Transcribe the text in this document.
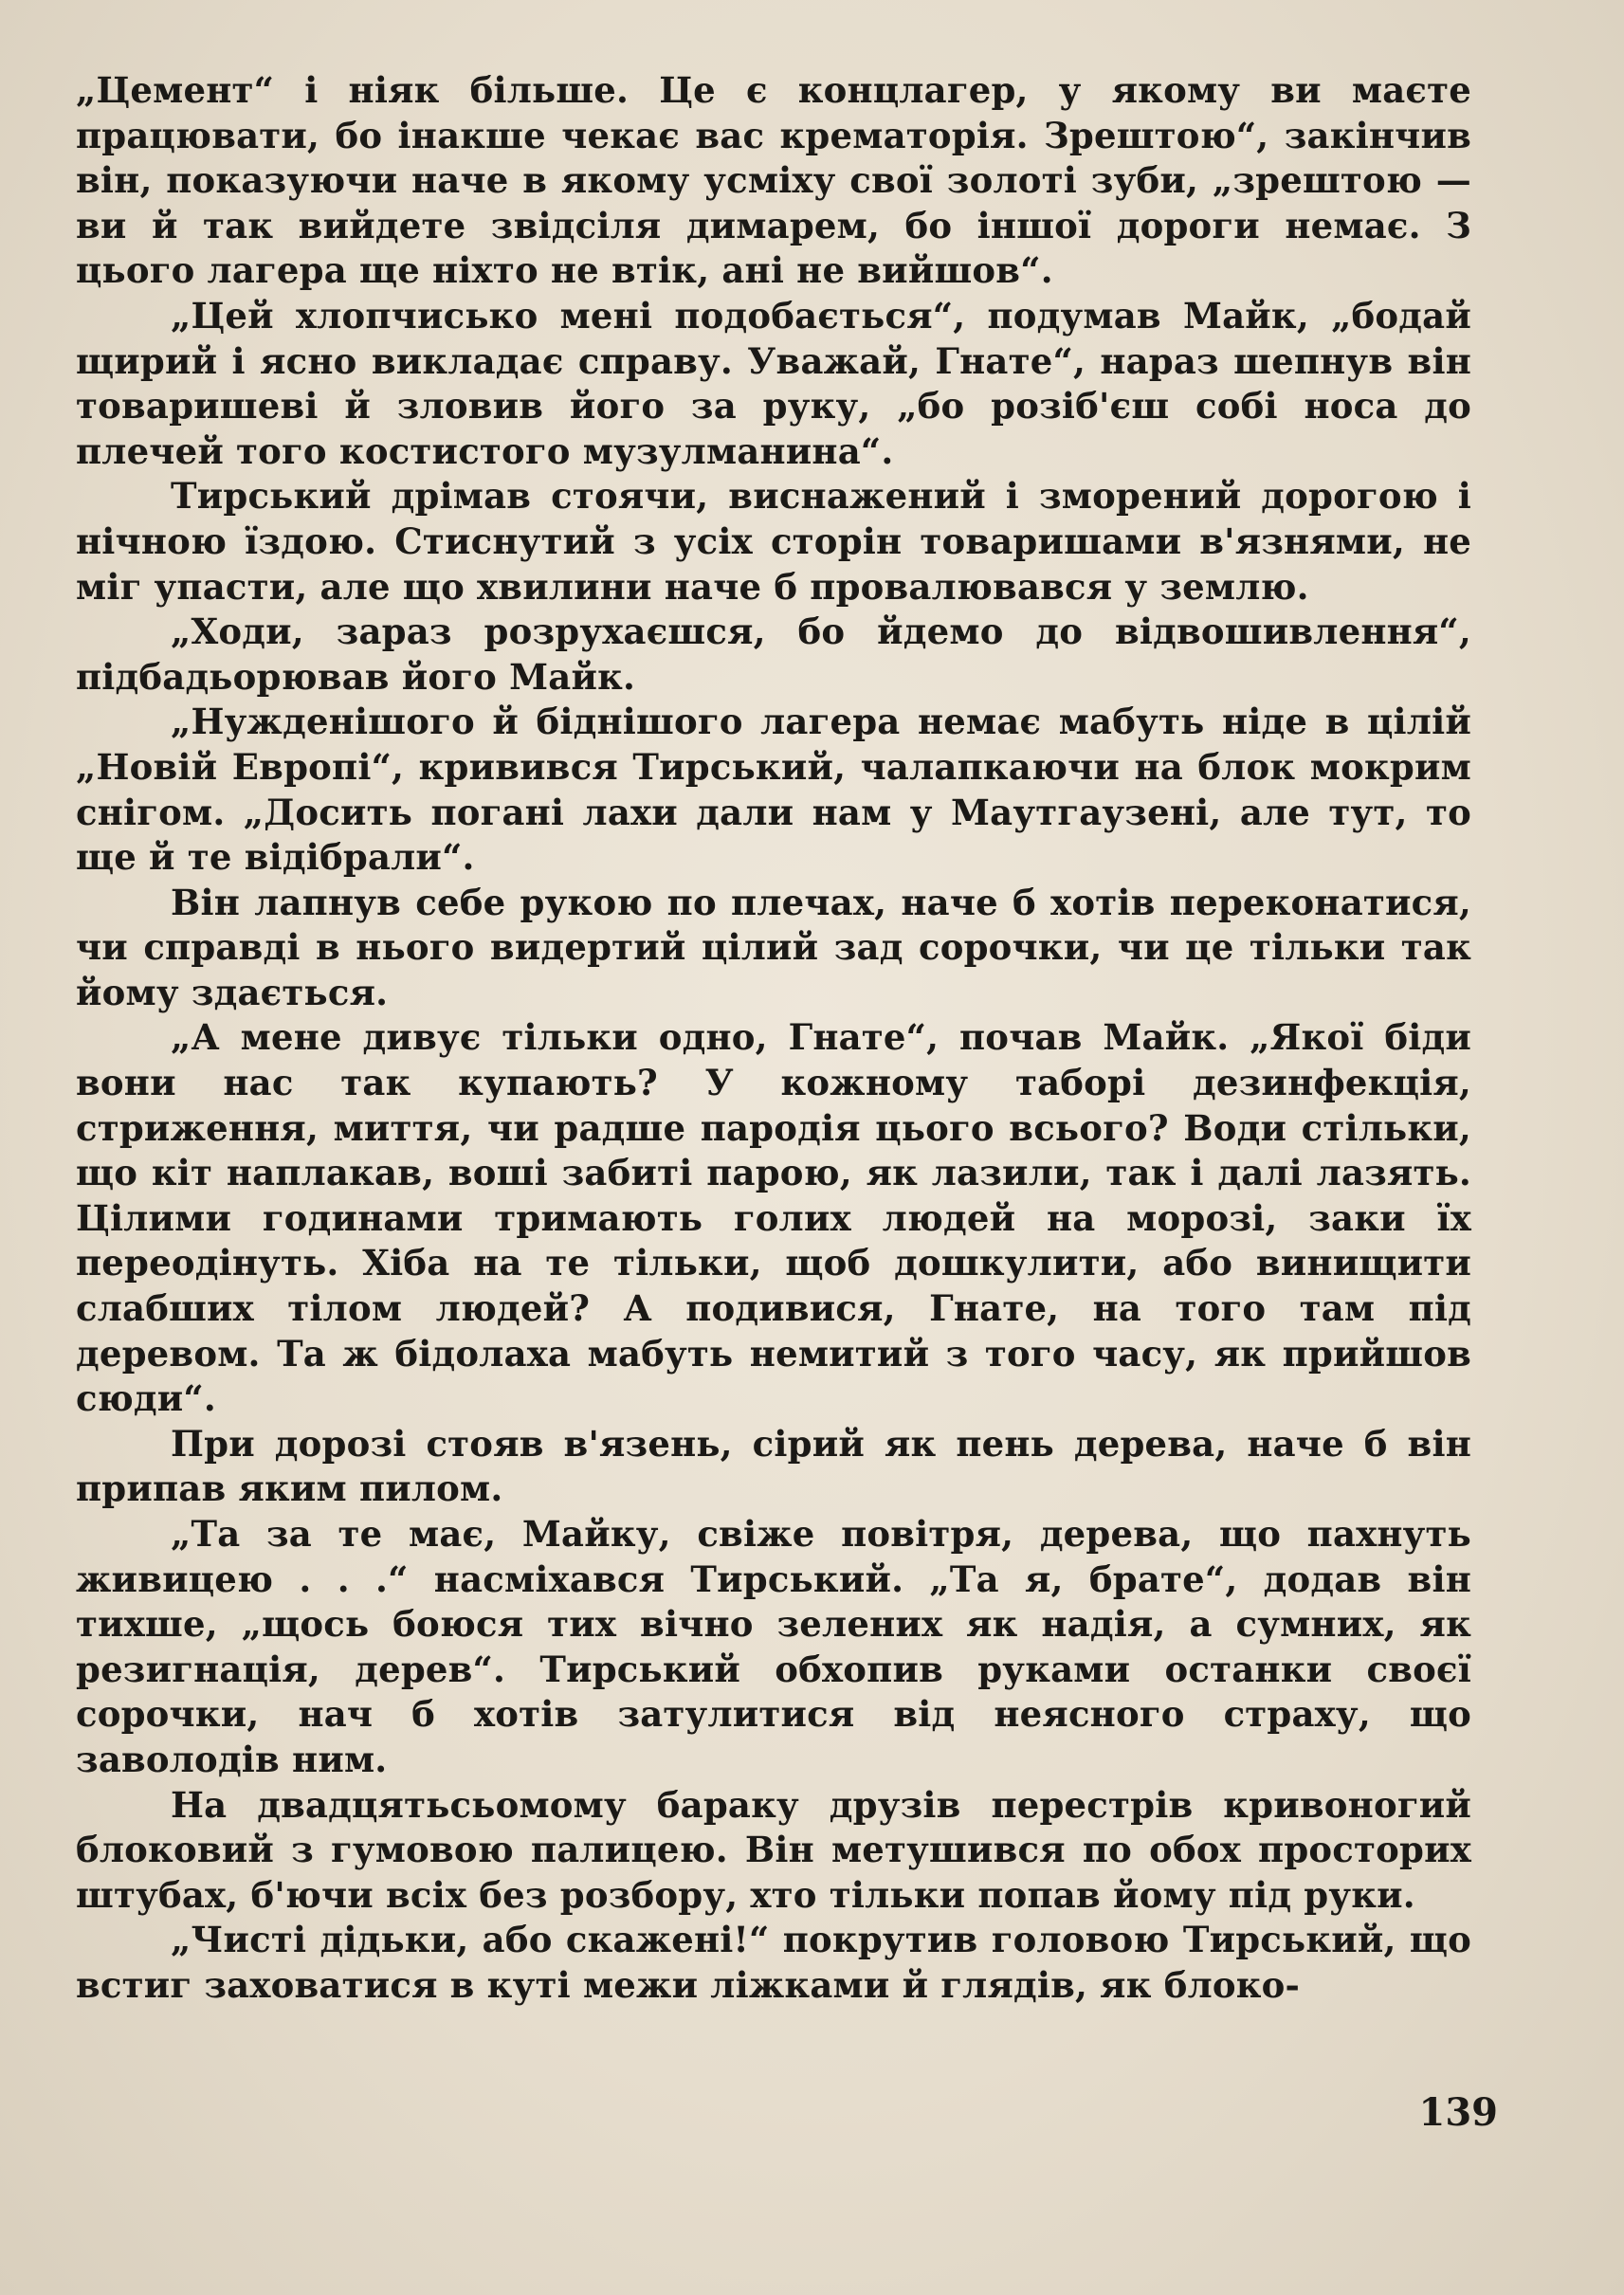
„Цемент“ і ніяк більше. Це є концлагер, у якому ви маєте працювати, бо інакше чекає вас крематорія. Зрештою“, закінчив він, показуючи наче в якому усміху свої золоті зуби, „зрештою — ви й так вийдете звідсіля димарем, бо іншої дороги немає. З цього лагера ще ніхто не втік, ані не вийшов“.

„Цей хлопчисько мені подобається“, подумав Майк, „бодай щирий і ясно викладає справу. Уважай, Гнате“, нараз шепнув він товаришеві й зловив його за руку, „бо розіб'єш собі носа до плечей того костистого музулманина“.

Тирський дрімав стоячи, виснажений і зморений дорогою і нічною їздою. Стиснутий з усіх сторін товаришами в'язнями, не міг упасти, але що хвилини наче б провалювався у землю.

„Ходи, зараз розрухаєшся, бо йдемо до відвошивлення“, підбадьорював його Майк.

„Нужденішого й біднішого лагера немає мабуть ніде в цілій „Новій Европі“, кривився Тирський, чалапкаючи на блок мокрим снігом. „Досить погані лахи дали нам у Маутгаузені, але тут, то ще й те відібрали“.

Він лапнув себе рукою по плечах, наче б хотів переконатися, чи справді в нього видертий цілий зад сорочки, чи це тільки так йому здається.

„А мене дивує тільки одно, Гнате“, почав Майк. „Якої біди вони нас так купають? У кожному таборі дезинфекція, стриження, миття, чи радше пародія цього всього? Води стільки, що кіт наплакав, воші забиті парою, як лазили, так і далі лазять. Цілими годинами тримають голих людей на морозі, заки їх переодінуть. Хіба на те тільки, щоб дошкулити, або винищити слабших тілом людей? А подивися, Гнате, на того там під деревом. Та ж бідолаха мабуть немитий з того часу, як прийшов сюди“.

При дорозі стояв в'язень, сірий як пень дерева, наче б він припав яким пилом.

„Та за те має, Майку, свіже повітря, дерева, що пахнуть живицею . . .“ насміхався Тирський. „Та я, брате“, додав він тихше, „щось боюся тих вічно зелених як надія, а сумних, як резигнація, дерев“. Тирський обхопив руками останки своєї сорочки, нач б хотів затулитися від неясного страху, що заволодів ним.

На двадцятьсьомому бараку друзів перестрів кривоногий блоковий з гумовою палицею. Він метушився по обох просторих штубах, б'ючи всіх без розбору, хто тільки попав йому під руки.

„Чисті дідьки, або скажені!“ покрутив головою Тирський, що встиг заховатися в куті межи ліжками й глядів, як блоко-

139
